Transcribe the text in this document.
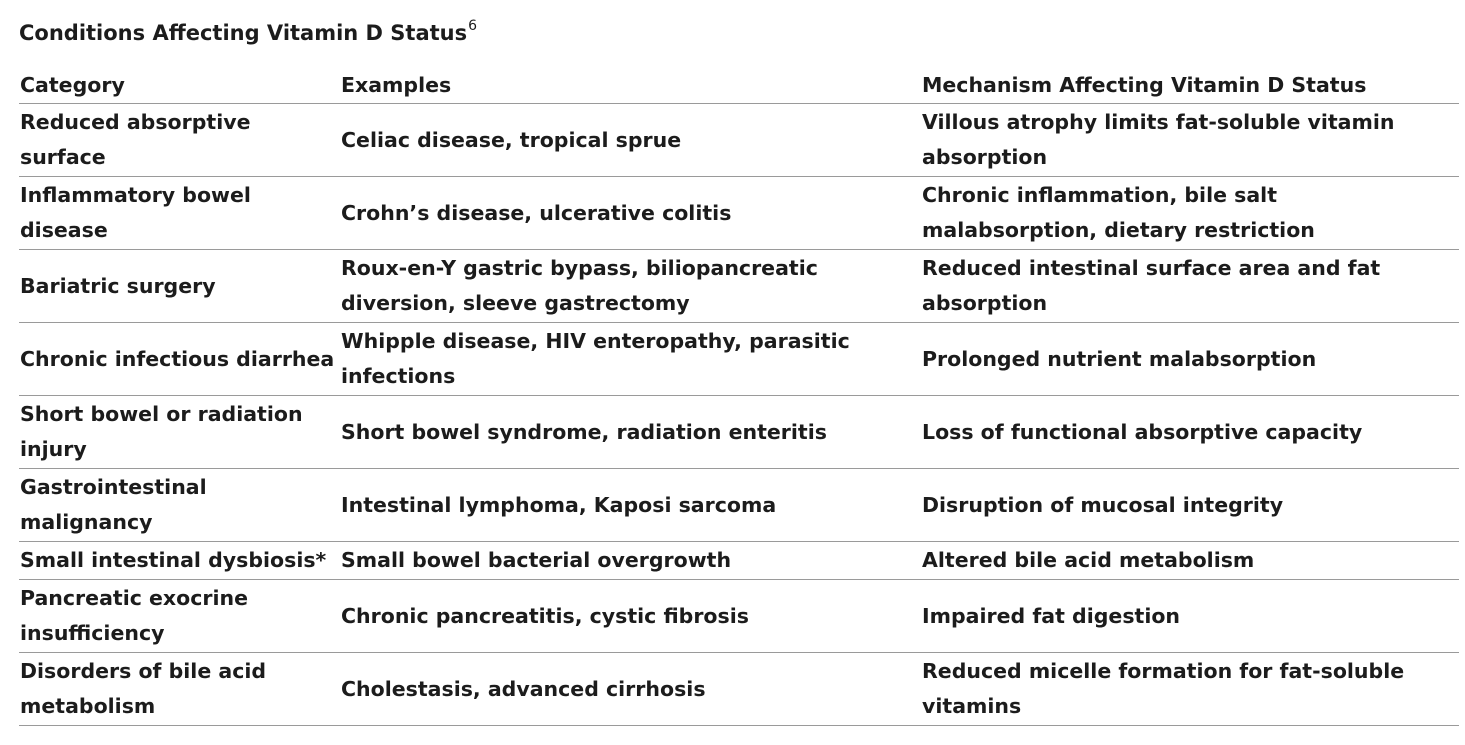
Conditions Affecting Vitamin D Status$^6$
Category	Examples	Mechanism Affecting Vitamin D Status
Reduced absorptive surface	Celiac disease, tropical sprue	Villous atrophy limits fat-soluble vitamin absorption
Inflammatory bowel disease	Crohn’s disease, ulcerative colitis	Chronic inflammation, bile salt malabsorption, dietary restriction
Bariatric surgery	Roux-en-Y gastric bypass, biliopancreatic diversion, sleeve gastrectomy	Reduced intestinal surface area and fat absorption
Chronic infectious diarrhea	Whipple disease, HIV enteropathy, parasitic infections	Prolonged nutrient malabsorption
Short bowel or radiation injury	Short bowel syndrome, radiation enteritis	Loss of functional absorptive capacity
Gastrointestinal malignancy	Intestinal lymphoma, Kaposi sarcoma	Disruption of mucosal integrity
Small intestinal dysbiosis*	Small bowel bacterial overgrowth	Altered bile acid metabolism
Pancreatic exocrine insufficiency	Chronic pancreatitis, cystic fibrosis	Impaired fat digestion
Disorders of bile acid metabolism	Cholestasis, advanced cirrhosis	Reduced micelle formation for fat-soluble vitamins
